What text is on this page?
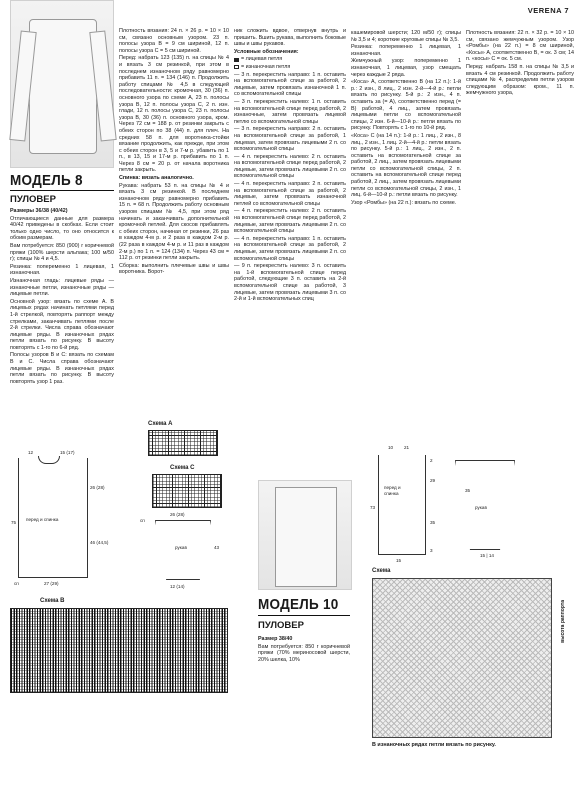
VERENA 7
МОДЕЛЬ 8
ПУЛОВЕР

Размеры 36/38 (40/42)

Отличающиеся данные для размера 40/42 приведены в скобках. Если стоит только одно число, то оно относится к обоим размерам.

Вам потребуется: 850 (900) г коричневой пряжи (100% шерсти альпака; 100 м/50 г); спицы № 4 и 4,5.

Резинка: попеременно 1 лицевая, 1 изнаночная.

Изнаночная гладь: лицевые ряды — изнаночные петли, изнаночные ряды — лицевые петли.

Основной узор: вязать по схеме А. В лицевых рядах начинать петлями перед 1-й стрелкой, повторять раппорт между стрелками, заканчивать петлями после 2-й стрелки. Числа справа обозначают лицевые ряды. В изнаночных рядах петли вязать по рисунку. В высоту повторять с 1-го по 6-й ряд.

Полосы узоров В и С: вязать по схемам В и С. Числа справа обозначают лицевые ряды. В изнаночных рядах петли вязать по рисунку. В высоту повторять узор 1 раз.

12	15 (17)
26 (28)
46 (44,5)
75
перед и спинка
27 (29)
сп
26 (28)
рукав	43
12 (14)
сп
Схема В
Схема А
Схема С

Плотность вязания: 24 п. × 26 р. = 10 × 10 см, связано основным узором. 23 п. полосы узора В = 9 см шириной, 12 п. полосы узора С = 5 см шириной.

Перед: набрать 123 (135) п. на спицы № 4 и вязать 3 см резинкой, при этом в последнем изнаночном ряду равномерно прибавить 11 п. = 134 (146) п. Продолжить работу спицами № 4,5 в следующей последовательности: кромочная, 30 (36) п. основного узора по схеме А, 23 п. полосы узора В, 12 п. полосы узора С, 2 п. изн. глади, 12 п. полосы узора С, 23 п. полосы узора В, 30 (36) п. основного узора, кром. Через 72 см = 188 р. от резинки закрыть с обеих сторон по 38 (44) п. для плеч. На средних 58 п. для воротника-стойки вязание продолжить, как прежде, при этом с обеих сторон в 3, 5 и 7-м р. убавить по 1 п., в 13, 15 и 17-м р. прибавить по 1 п. Через 8 см = 20 р. от начала воротника петли закрыть.

Спинка: вязать аналогично.

Рукава: набрать 53 п. на спицы № 4 и вязать 3 см резинкой. В последнем изнаночном ряду равномерно прибавить 15 п. = 68 п. Продолжить работу основным узором спицами № 4,5, при этом ряд начинать и заканчивать дополнительной кромочной петлей. Для скосов прибавлять с обеих сторон, начиная от резинки, 26 раз в каждом 4-м р. и 2 раза в каждом 2-м р. (22 раза в каждом 4-м р. и 11 раз в каждом 2-м р.) по 1 п. = 124 (134) п. Через 43 см = 112 р. от резинки петли закрыть.

Сборка: выполнить плечевые швы и швы воротника. Ворот-

ник сложить вдвое, отвернув внутрь и пришить. Вшить рукава, выполнить боковые швы и швы рукавов.

Условные обозначения:

= лицевая петля
= изнаночная петля

— 3 п. перекрестить направо: 1 п. оставить на вспомогательной спице за работой, 2 лицевые, затем провязать изнаночной 1 п. со вспомогательной спицы

— 3 п. перекрестить налево: 1 п. оставить на вспомогательной спице перед работой, 2 изнаночные, затем провязать лицевой петлю со вспомогательной спицы

— 3 п. перекрестить направо: 2 п. оставить на вспомогательной спице за работой, 1 лицевая, затем провязать лицевыми 2 п. со вспомогательной спицы

— 4 п. перекрестить налево: 2 п. оставить на вспомогательной спице перед работой, 2 лицевые, затем провязать лицевыми 2 п. со вспомогательной спицы

— 4 п. перекрестить направо: 2 п. оставить на вспомогательной спице за работой, 2 лицевые, затем провязать изнаночной петлей со вспомогательной спицы

— 4 п. перекрестить налево: 2 п. оставить на вспомогательной спице перед работой, 2 лицевые, затем провязать лицевыми 2 п. со вспомогательной спицы

— 4 п. перекрестить направо: 1 п. оставить на вспомогательной спице за работой, 2 лицевые, затем провязать лицевыми 2 п. со вспомогательной спицы

— 9 п. перекрестить налево: 3 п. оставить на 1-й вспомогательной спице перед работой, следующие 3 п. оставить на 2-й вспомогательной спице за работой, 3 лицевые, затем провязать лицевыми 3 п. со 2-й и 1-й вспомогательных спиц

МОДЕЛЬ 10
ПУЛОВЕР

Размер 38/40

Вам потребуется: 850 г коричневой пряжи (70% мериносовой шерсти, 20% шелка, 10%

кашемировой шерсти; 120 м/50 г); спицы № 3,5 и 4; короткие круговые спицы № 3,5.

Резинка: попеременно 1 лицевая, 1 изнаночная.

Жемчужный узор: попеременно 1 изнаночная, 1 лицевая, узор смещать через каждые 2 ряда.

«Коса» А, соответственно В (на 12 п.): 1-й р.: 2 изн., 8 лиц., 2 изн. 2-й—4-й р.: петли вязать по рисунку. 5-й р.: 2 изн., 4 п. оставить за (= А), соответственно перед (= В) работой, 4 лиц., затем провязать лицевыми петли со вспомогательной спицы, 2 изн. 6-й—10-й р.: петли вязать по рисунку. Повторять с 1-го по 10-й ряд.

«Коса» С (на 14 п.): 1-й р.: 1 лиц., 2 изн., 8 лиц., 2 изн., 1 лиц. 2-й—4-й р.: петли вязать по рисунку. 5-й р.: 1 лиц., 2 изн., 2 п. оставить на вспомогательной спице за работой, 2 лиц., затем провязать лицевыми петли со вспомогательной спицы, 2 п. оставить на вспомогательной спице перед работой, 2 лиц., затем провязать лицевыми петли со вспомогательной спицы, 2 изн., 1 лиц. 6-й—10-й р.: петли вязать по рисунку.

Узор «Ромбы» (на 22 п.): вязать по схеме.

Плотность вязания: 22 п. × 32 р. = 10 × 10 см, связано жемчужным узором. Узор «Ромбы» (на 22 п.) = 8 см шириной, «Косы» А, соответственно В, = ок. 3 см; 14 п. «косы» С = ок. 5 см.

Перед: набрать 158 п. на спицы № 3,5 и вязать 4 см резинкой. Продолжить работу спицами № 4, распределив петли узоров следующим образом: кром., 11 п. жемчужного узора,

10 21
73
перед и спинка
29
35
2
3
рукав
35
15 | 14
15
Схема
высота раппорта
В изнаночных рядах петли вязать по рисунку.
